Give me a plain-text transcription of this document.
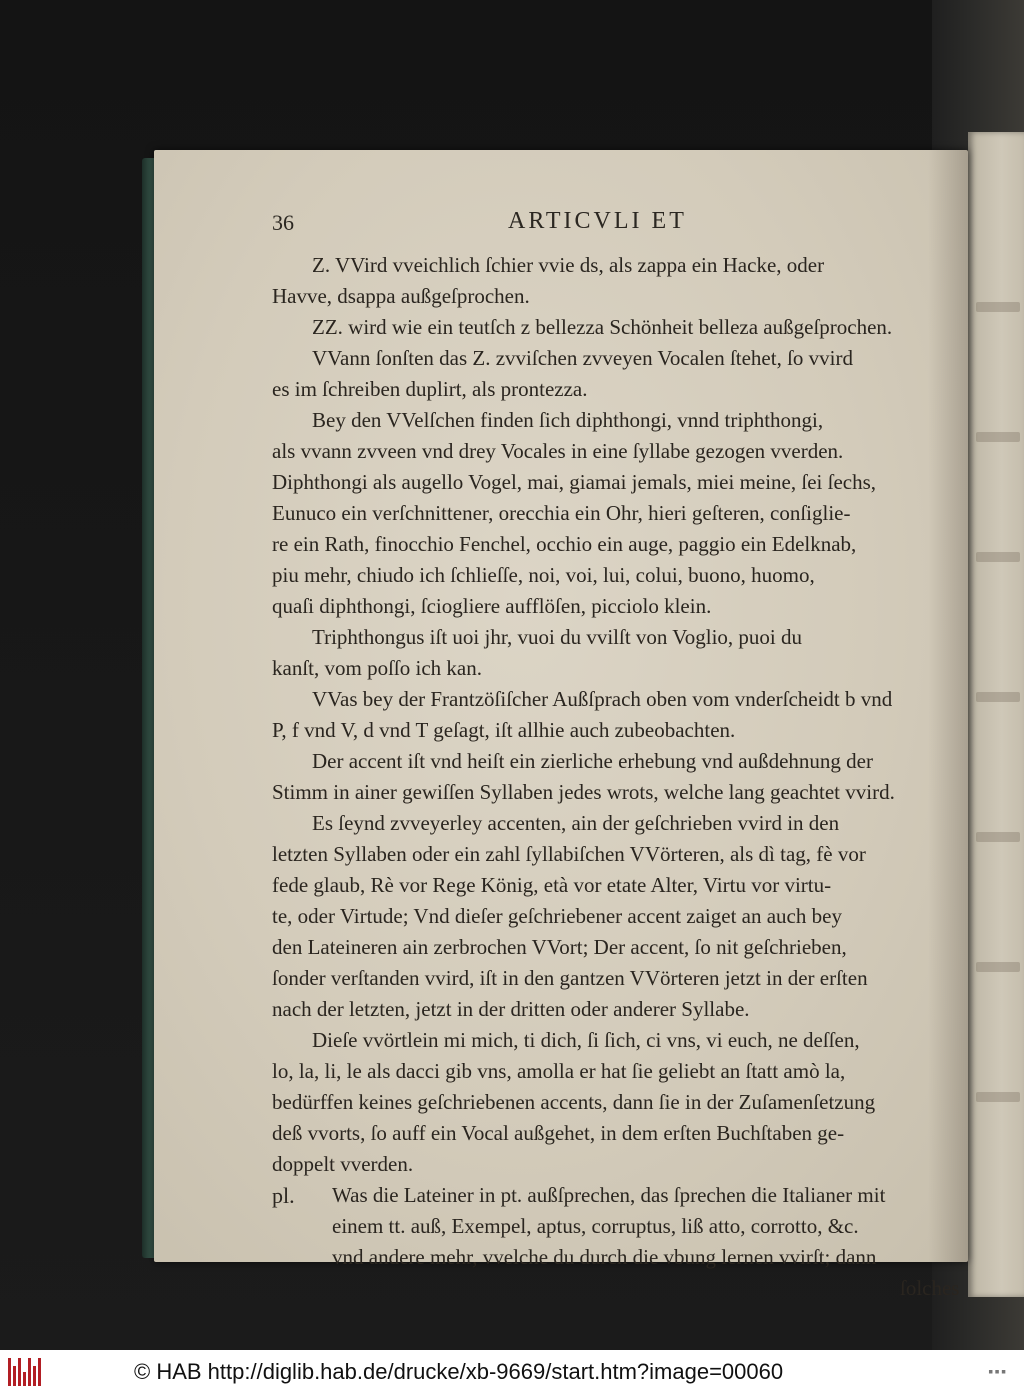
36	ARTICVLI ET
Z. VVird vveichlich ſchier vvie ds, als zappa ein Hacke, oder
Havve, dsappa außgeſprochen.
ZZ. wird wie ein teutſch z bellezza Schönheit belleza außgeſprochen.
VVann ſonſten das Z. zvviſchen zvveyen Vocalen ſtehet, ſo vvird
es im ſchreiben duplirt, als prontezza.
Bey den VVelſchen finden ſich diphthongi, vnnd triphthongi,
als vvann zvveen vnd drey Vocales in eine ſyllabe gezogen vverden.
Diphthongi als augello Vogel, mai, giamai jemals, miei meine, ſei ſechs,
Eunuco ein verſchnittener, orecchia ein Ohr, hieri geſteren, conſiglie-
re ein Rath, finocchio Fenchel, occhio ein auge, paggio ein Edelknab,
piu mehr, chiudo ich ſchlieſſe, noi, voi, lui, colui, buono, huomo,
quaſi diphthongi, ſciogliere aufflöſen, picciolo klein.
Triphthongus iſt uoi jhr, vuoi du vvilſt von Voglio, puoi du
kanſt, vom poſſo ich kan.
VVas bey der Frantzöſiſcher Außſprach oben vom vnderſcheidt b vnd
P, f vnd V, d vnd T geſagt, iſt allhie auch zubeobachten.
Der accent iſt vnd heiſt ein zierliche erhebung vnd außdehnung der
Stimm in ainer gewiſſen Syllaben jedes wrots, welche lang geachtet vvird.
Es ſeynd zvveyerley accenten, ain der geſchrieben vvird in den
letzten Syllaben oder ein zahl ſyllabiſchen VVörteren, als dì tag, fè vor
fede glaub, Rè vor Rege König, età vor etate Alter, Virtu vor virtu-
te, oder Virtude; Vnd dieſer geſchriebener accent zaiget an auch bey
den Lateineren ain zerbrochen VVort; Der accent, ſo nit geſchrieben,
ſonder verſtanden vvird, iſt in den gantzen VVörteren jetzt in der erſten
nach der letzten, jetzt in der dritten oder anderer Syllabe.
Dieſe vvörtlein mi mich, ti dich, ſi ſich, ci vns, vi euch, ne deſſen,
lo, la, li, le als dacci gib vns, amolla er hat ſie geliebt an ſtatt amò la,
bedürffen keines geſchriebenen accents, dann ſie in der Zuſamenſetzung
deß vvorts, ſo auff ein Vocal außgehet, in dem erſten Buchſtaben ge-
doppelt vverden.
pl. Was die Lateiner in pt. außſprechen, das ſprechen die Italianer mit
einem tt. auß, Exempel, aptus, corruptus, liß atto, corrotto, &c.
vnd andere mehr, vvelche du durch die vbung lernen vvirſt; dann
ſolches
© HAB http://diglib.hab.de/drucke/xb-9669/start.htm?image=00060	▪▪▪
